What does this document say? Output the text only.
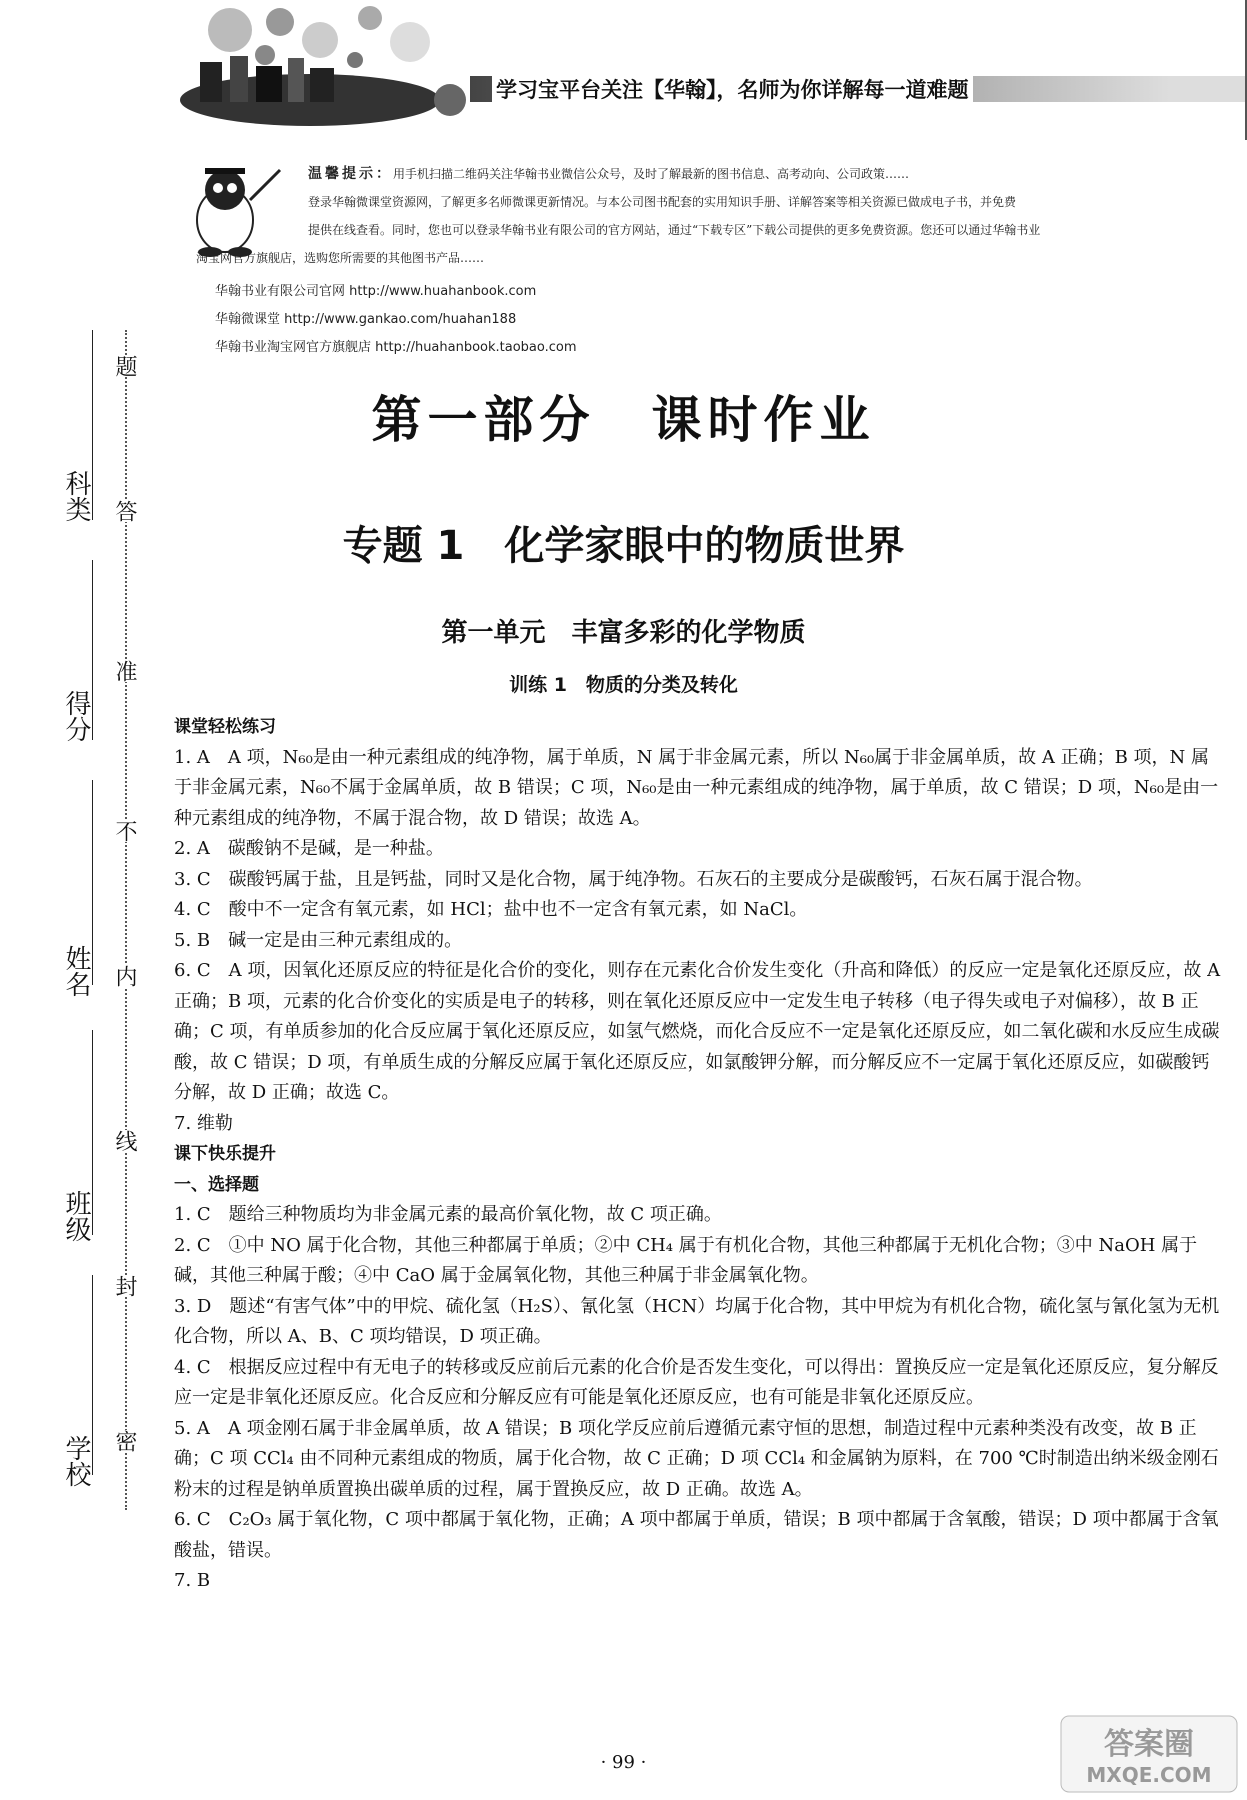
学习宝平台关注【华翰】，名师为你详解每一道难题
温馨提示：用手机扫描二维码关注华翰书业微信公众号，及时了解最新的图书信息、高考动向、公司政策……
登录华翰微课堂资源网，了解更多名师微课更新情况。与本公司图书配套的实用知识手册、详解答案等相关资源已做成电子书，并免费
提供在线查看。同时，您也可以登录华翰书业有限公司的官方网站，通过“下载专区”下载公司提供的更多免费资源。您还可以通过华翰书业
淘宝网官方旗舰店，选购您所需要的其他图书产品……
华翰书业有限公司官网 http://www.huahanbook.com
华翰微课堂 http://www.gankao.com/huahan188
华翰书业淘宝网官方旗舰店 http://huahanbook.taobao.com
第一部分　课时作业
专题 1　化学家眼中的物质世界
第一单元　丰富多彩的化学物质
训练 1　物质的分类及转化
科类
得分
姓名
班级
学校
题
答
准
不
内
线
封
密

课堂轻松练习

1. A　A 项，N₆₀是由一种元素组成的纯净物，属于单质，N 属于非金属元素，所以 N₆₀属于非金属单质，故 A 正确；B 项，N 属于非金属元素，N₆₀不属于金属单质，故 B 错误；C 项，N₆₀是由一种元素组成的纯净物，属于单质，故 C 错误；D 项，N₆₀是由一种元素组成的纯净物，不属于混合物，故 D 错误；故选 A。

2. A　碳酸钠不是碱，是一种盐。

3. C　碳酸钙属于盐，且是钙盐，同时又是化合物，属于纯净物。石灰石的主要成分是碳酸钙，石灰石属于混合物。

4. C　酸中不一定含有氧元素，如 HCl；盐中也不一定含有氧元素，如 NaCl。

5. B　碱一定是由三种元素组成的。

6. C　A 项，因氧化还原反应的特征是化合价的变化，则存在元素化合价发生变化（升高和降低）的反应一定是氧化还原反应，故 A 正确；B 项，元素的化合价变化的实质是电子的转移，则在氧化还原反应中一定发生电子转移（电子得失或电子对偏移），故 B 正确；C 项，有单质参加的化合反应属于氧化还原反应，如氢气燃烧，而化合反应不一定是氧化还原反应，如二氧化碳和水反应生成碳酸，故 C 错误；D 项，有单质生成的分解反应属于氧化还原反应，如氯酸钾分解，而分解反应不一定属于氧化还原反应，如碳酸钙分解，故 D 正确；故选 C。

7. 维勒

课下快乐提升

一、选择题

1. C　题给三种物质均为非金属元素的最高价氧化物，故 C 项正确。

2. C　①中 NO 属于化合物，其他三种都属于单质；②中 CH₄ 属于有机化合物，其他三种都属于无机化合物；③中 NaOH 属于碱，其他三种属于酸；④中 CaO 属于金属氧化物，其他三种属于非金属氧化物。

3. D　题述“有害气体”中的甲烷、硫化氢（H₂S）、氰化氢（HCN）均属于化合物，其中甲烷为有机化合物，硫化氢与氰化氢为无机化合物，所以 A、B、C 项均错误，D 项正确。

4. C　根据反应过程中有无电子的转移或反应前后元素的化合价是否发生变化，可以得出：置换反应一定是氧化还原反应，复分解反应一定是非氧化还原反应。化合反应和分解反应有可能是氧化还原反应，也有可能是非氧化还原反应。

5. A　A 项金刚石属于非金属单质，故 A 错误；B 项化学反应前后遵循元素守恒的思想，制造过程中元素种类没有改变，故 B 正确；C 项 CCl₄ 由不同种元素组成的物质，属于化合物，故 C 正确；D 项 CCl₄ 和金属钠为原料，在 700 ℃时制造出纳米级金刚石粉末的过程是钠单质置换出碳单质的过程，属于置换反应，故 D 正确。故选 A。

6. C　C₂O₃ 属于氧化物，C 项中都属于氧化物，正确；A 项中都属于单质，错误；B 项中都属于含氧酸，错误；D 项中都属于含氧酸盐，错误。

7. B

· 99 ·
答案圈
MXQE.COM
